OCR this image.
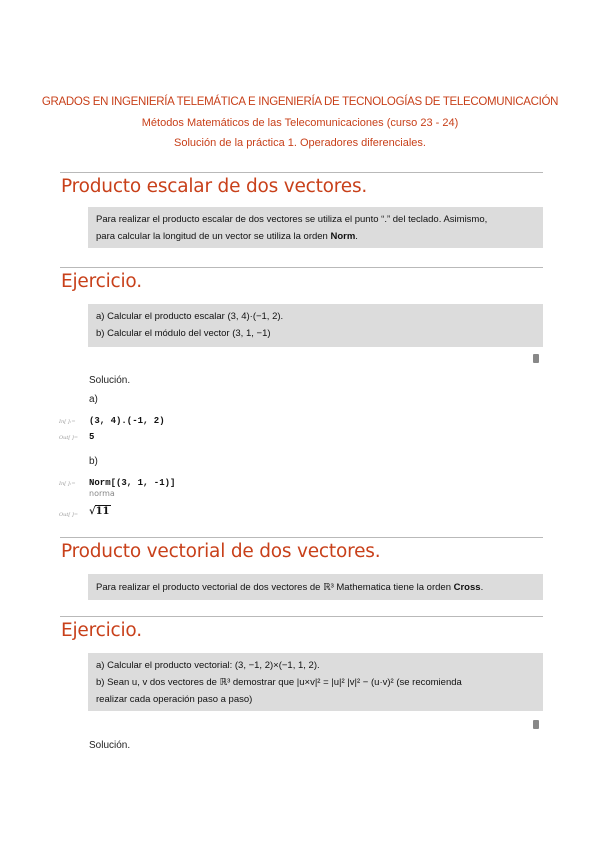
GRADOS EN INGENIERÍA TELEMÁTICA E INGENIERÍA DE TECNOLOGÍAS DE TELECOMUNICACIÓN
Métodos Matemáticos de las Telecomunicaciones (curso 23 - 24)
Solución de la práctica 1. Operadores diferenciales.
Producto escalar de dos vectores.
Para realizar el producto escalar de dos vectores se utiliza el punto “.” del teclado. Asimismo,
para calcular la longitud de un vector se utiliza la orden Norm.
Ejercicio.
a) Calcular el producto escalar (3, 4)·(−1, 2).
b) Calcular el módulo del vector (3, 1, −1)
Solución.
a)
In[ ]:= (3, 4).(-1, 2)
Out[ ]= 5
b)
In[ ]:= Norm[(3, 1, -1)]
norma
Out[ ]= √11
Producto vectorial de dos vectores.
Para realizar el producto vectorial de dos vectores de ℝ³ Mathematica tiene la orden Cross.
Ejercicio.
a) Calcular el producto vectorial: (3, −1, 2)×(−1, 1, 2).
b) Sean u, v dos vectores de ℝ³ demostrar que |u×v|² = |u|² |v|² − (u·v)² (se recomienda
realizar cada operación paso a paso)
Solución.
